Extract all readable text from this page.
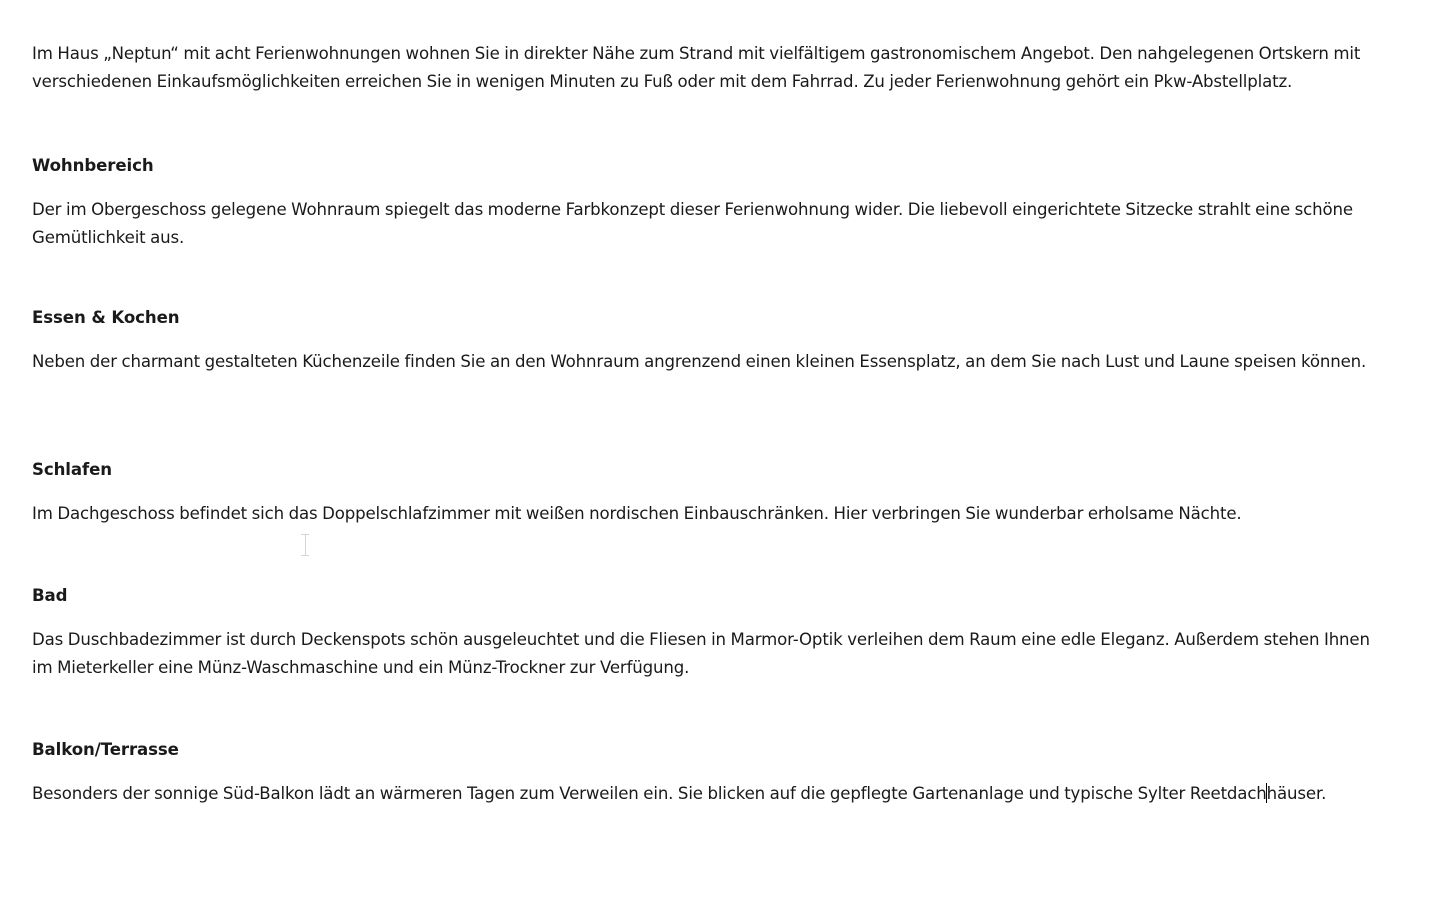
Im Haus „Neptun“ mit acht Ferienwohnungen wohnen Sie in direkter Nähe zum Strand mit vielfältigem gastronomischem Angebot. Den nahgelegenen Ortskern mit verschiedenen Einkaufsmöglichkeiten erreichen Sie in wenigen Minuten zu Fuß oder mit dem Fahrrad. Zu jeder Ferienwohnung gehört ein Pkw-Abstellplatz.

Wohnbereich

Der im Obergeschoss gelegene Wohnraum spiegelt das moderne Farbkonzept dieser Ferienwohnung wider. Die liebevoll eingerichtete Sitzecke strahlt eine schöne Gemütlichkeit aus.

Essen & Kochen

Neben der charmant gestalteten Küchenzeile finden Sie an den Wohnraum angrenzend einen kleinen Essensplatz, an dem Sie nach Lust und Laune speisen können.

Schlafen

Im Dachgeschoss befindet sich das Doppelschlafzimmer mit weißen nordischen Einbauschränken. Hier verbringen Sie wunderbar erholsame Nächte.

Bad

Das Duschbadezimmer ist durch Deckenspots schön ausgeleuchtet und die Fliesen in Marmor-Optik verleihen dem Raum eine edle Eleganz. Außerdem stehen Ihnen im Mieterkeller eine Münz-Waschmaschine und ein Münz-Trockner zur Verfügung.

Balkon/Terrasse

Besonders der sonnige Süd-Balkon lädt an wärmeren Tagen zum Verweilen ein. Sie blicken auf die gepflegte Gartenanlage und typische Sylter Reetdachhäuser.
